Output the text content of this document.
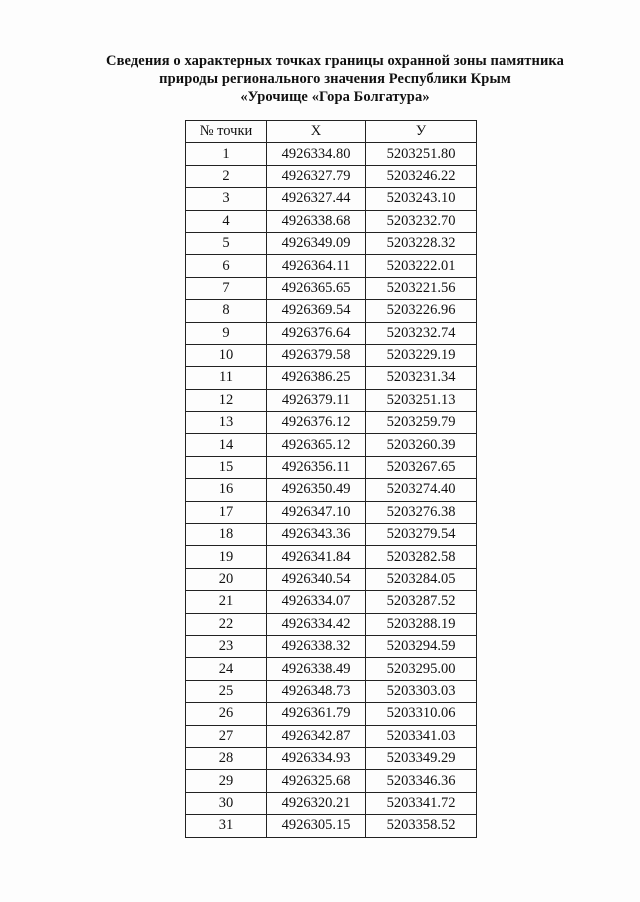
Сведения о характерных точках границы охранной зоны памятника
природы регионального значения Республики Крым
«Урочище «Гора Болгатура»
№ точки	X	У
1	4926334.80	5203251.80
2	4926327.79	5203246.22
3	4926327.44	5203243.10
4	4926338.68	5203232.70
5	4926349.09	5203228.32
6	4926364.11	5203222.01
7	4926365.65	5203221.56
8	4926369.54	5203226.96
9	4926376.64	5203232.74
10	4926379.58	5203229.19
11	4926386.25	5203231.34
12	4926379.11	5203251.13
13	4926376.12	5203259.79
14	4926365.12	5203260.39
15	4926356.11	5203267.65
16	4926350.49	5203274.40
17	4926347.10	5203276.38
18	4926343.36	5203279.54
19	4926341.84	5203282.58
20	4926340.54	5203284.05
21	4926334.07	5203287.52
22	4926334.42	5203288.19
23	4926338.32	5203294.59
24	4926338.49	5203295.00
25	4926348.73	5203303.03
26	4926361.79	5203310.06
27	4926342.87	5203341.03
28	4926334.93	5203349.29
29	4926325.68	5203346.36
30	4926320.21	5203341.72
31	4926305.15	5203358.52
